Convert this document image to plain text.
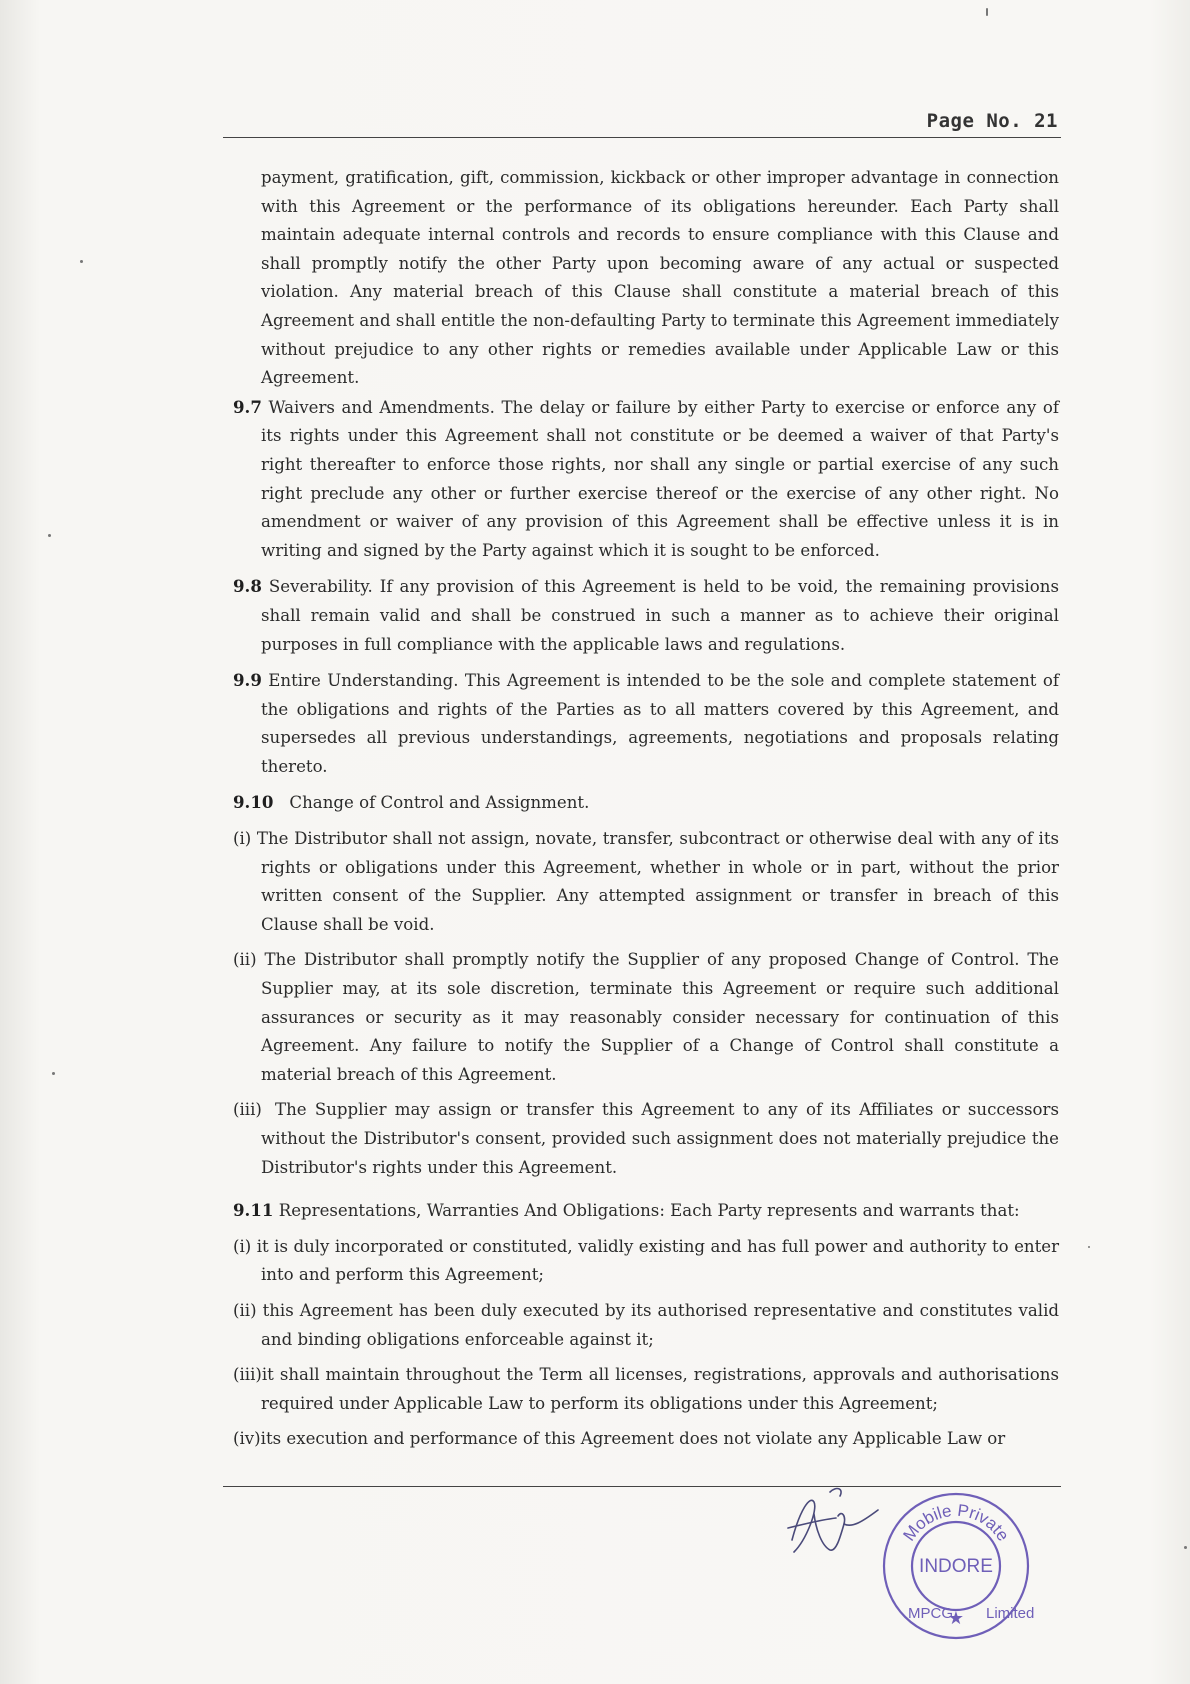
Page No. 21

payment, gratification, gift, commission, kickback or other improper advantage in connection with this Agreement or the performance of its obligations hereunder. Each Party shall maintain adequate internal controls and records to ensure compliance with this Clause and shall promptly notify the other Party upon becoming aware of any actual or suspected violation. Any material breach of this Clause shall constitute a material breach of this Agreement and shall entitle the non-defaulting Party to terminate this Agreement immediately without prejudice to any other rights or remedies available under Applicable Law or this Agreement.

9.7 Waivers and Amendments. The delay or failure by either Party to exercise or enforce any of its rights under this Agreement shall not constitute or be deemed a waiver of that Party's right thereafter to enforce those rights, nor shall any single or partial exercise of any such right preclude any other or further exercise thereof or the exercise of any other right. No amendment or waiver of any provision of this Agreement shall be effective unless it is in writing and signed by the Party against which it is sought to be enforced.

9.8 Severability. If any provision of this Agreement is held to be void, the remaining provisions shall remain valid and shall be construed in such a manner as to achieve their original purposes in full compliance with the applicable laws and regulations.

9.9 Entire Understanding. This Agreement is intended to be the sole and complete statement of the obligations and rights of the Parties as to all matters covered by this Agreement, and supersedes all previous understandings, agreements, negotiations and proposals relating thereto.

9.10 Change of Control and Assignment.

(i) The Distributor shall not assign, novate, transfer, subcontract or otherwise deal with any of its rights or obligations under this Agreement, whether in whole or in part, without the prior written consent of the Supplier. Any attempted assignment or transfer in breach of this Clause shall be void.

(ii) The Distributor shall promptly notify the Supplier of any proposed Change of Control. The Supplier may, at its sole discretion, terminate this Agreement or require such additional assurances or security as it may reasonably consider necessary for continuation of this Agreement. Any failure to notify the Supplier of a Change of Control shall constitute a material breach of this Agreement.

(iii) The Supplier may assign or transfer this Agreement to any of its Affiliates or successors without the Distributor's consent, provided such assignment does not materially prejudice the Distributor's rights under this Agreement.

9.11 Representations, Warranties And Obligations: Each Party represents and warrants that:

(i) it is duly incorporated or constituted, validly existing and has full power and authority to enter into and perform this Agreement;

(ii) this Agreement has been duly executed by its authorised representative and constitutes valid and binding obligations enforceable against it;

(iii)it shall maintain throughout the Term all licenses, registrations, approvals and authorisations required under Applicable Law to perform its obligations under this Agreement;

(iv)its execution and performance of this Agreement does not violate any Applicable Law or

Mobile Private
MPCG Limited
INDORE
★
